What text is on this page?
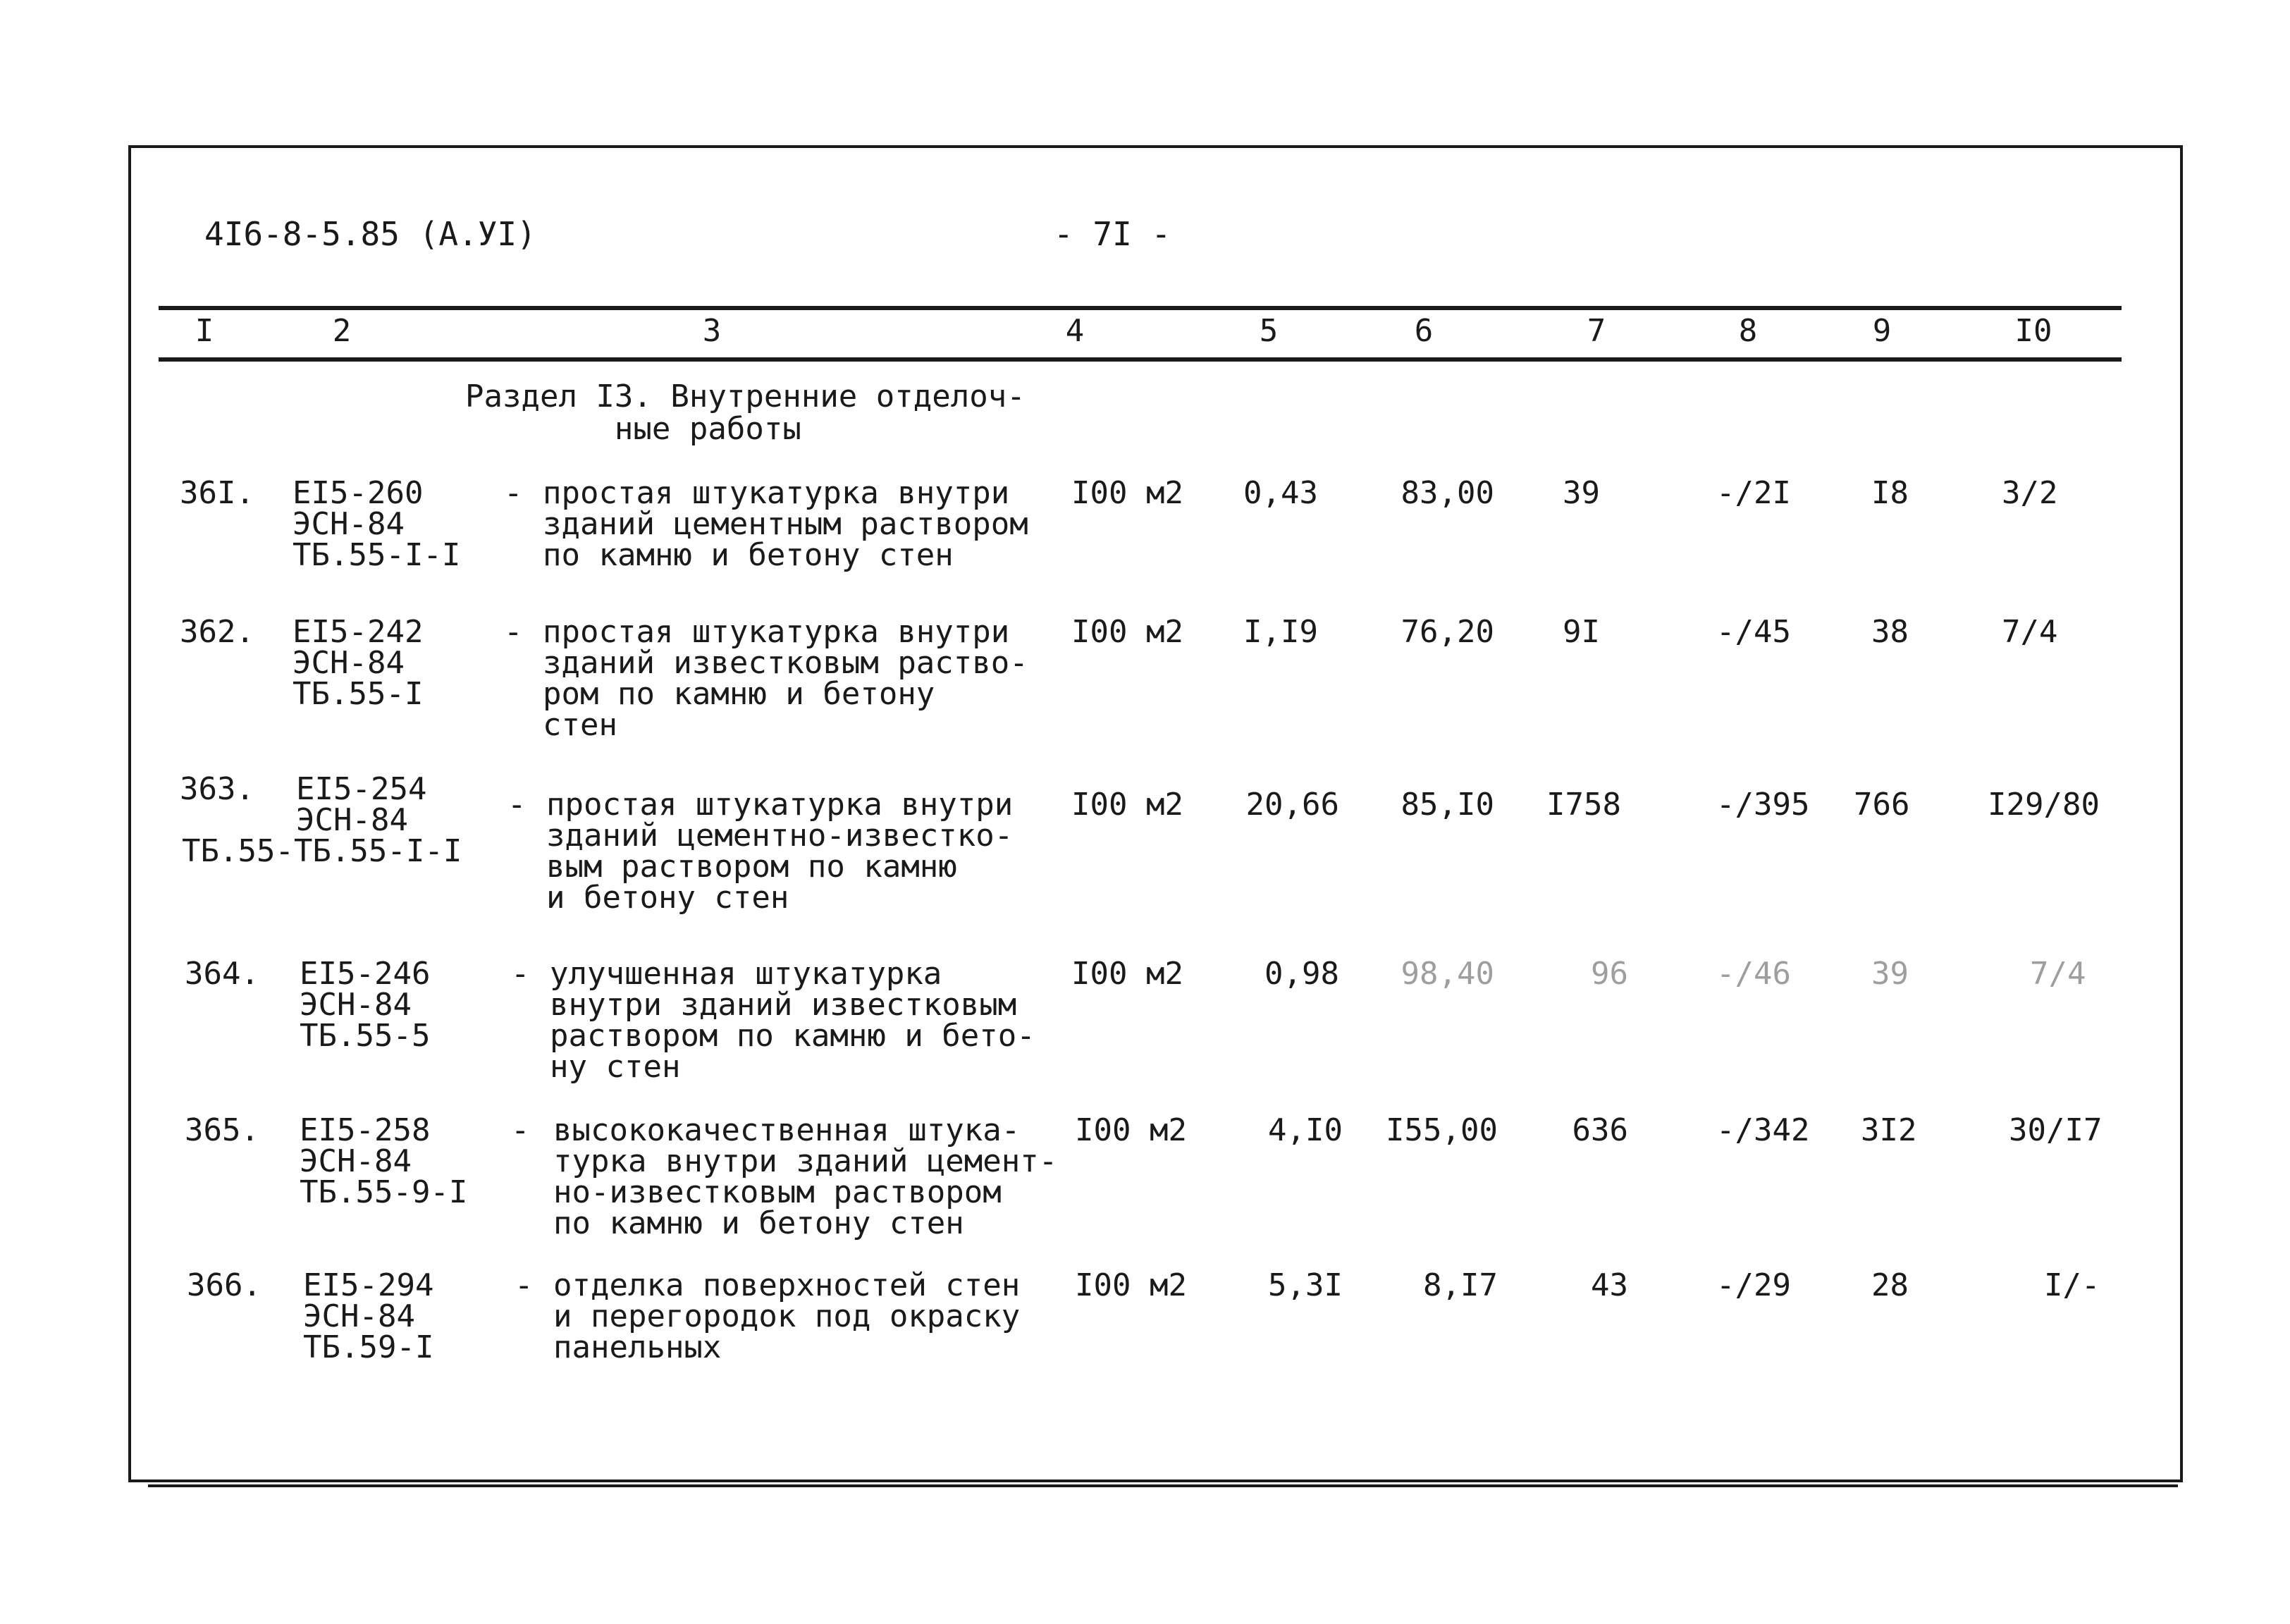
4I6-8-5.85 (А.УI)	- 7I -
I	2	3	4	5	6	7	8	9	I0
Раздел I3. Внутренние отделоч-
ные работы
36I. ЕI5-260
ЭСН-84
ТБ.55-I-I
- простая штукатурка внутри
зданий цементным раствором
по камню и бетону стен
I00 м2	0,43	83,00	39	-/2I	I8	3/2
362. ЕI5-242
ЭСН-84
ТБ.55-I
- простая штукатурка внутри
зданий известковым раство-
ром по камню и бетону
стен
I00 м2	I,I9	76,20	9I	-/45	38	7/4
363. ЕI5-254
ЭСН-84
ТБ.55-ТБ.55-I-I
- простая штукатурка внутри
зданий цементно-известко-
вым раствором по камню
и бетону стен
I00 м2	20,66	85,I0	I758	-/395 766	I29/80
364. ЕI5-246
ЭСН-84
ТБ.55-5
- улучшенная штукатурка
внутри зданий известковым
раствором по камню и бето-
ну стен
I00 м2	0,98	98,40	96	-/46	39	7/4
365. ЕI5-258
ЭСН-84
ТБ.55-9-I
- высококачественная штука-
турка внутри зданий цемент-
но-известковым раствором
по камню и бетону стен
I00 м2	4,I0	I55,00	636	-/342 3I2	30/I7
366. ЕI5-294
ЭСН-84
ТБ.59-I
- отделка поверхностей стен
и перегородок под окраску
панельных
I00 м2	5,3I	8,I7	43	-/29	28	I/-
